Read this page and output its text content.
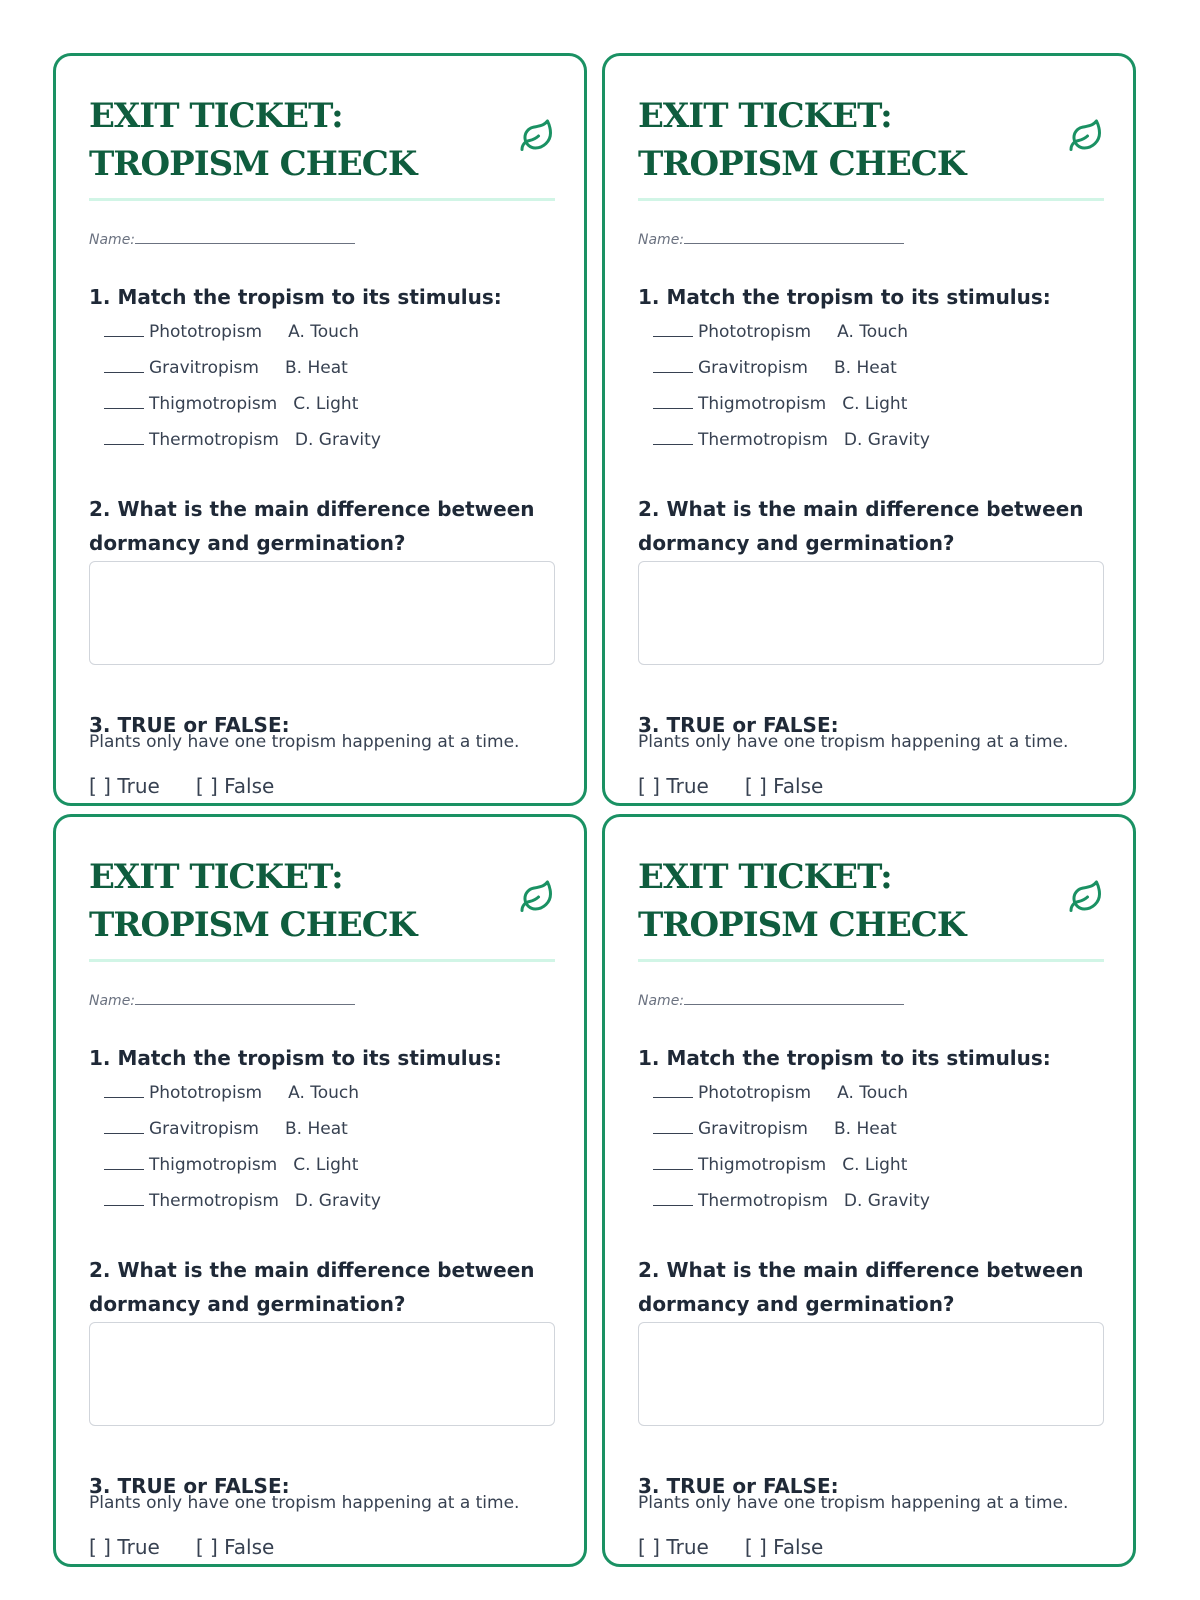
EXIT TICKET: TROPISM CHECK
Name:

1. Match the tropism to its stimulus:

Phototropism A. Touch
Gravitropism B. Heat
Thigmotropism C. Light
Thermotropism D. Gravity

2. What is the main difference between dormancy and germination?

3. TRUE or FALSE:

Plants only have one tropism happening at a time.
[ ] True [ ] False
EXIT TICKET: TROPISM CHECK
Name:

1. Match the tropism to its stimulus:

Phototropism A. Touch
Gravitropism B. Heat
Thigmotropism C. Light
Thermotropism D. Gravity

2. What is the main difference between dormancy and germination?

3. TRUE or FALSE:

Plants only have one tropism happening at a time.
[ ] True [ ] False
EXIT TICKET: TROPISM CHECK
Name:

1. Match the tropism to its stimulus:

Phototropism A. Touch
Gravitropism B. Heat
Thigmotropism C. Light
Thermotropism D. Gravity

2. What is the main difference between dormancy and germination?

3. TRUE or FALSE:

Plants only have one tropism happening at a time.
[ ] True [ ] False
EXIT TICKET: TROPISM CHECK
Name:

1. Match the tropism to its stimulus:

Phototropism A. Touch
Gravitropism B. Heat
Thigmotropism C. Light
Thermotropism D. Gravity

2. What is the main difference between dormancy and germination?

3. TRUE or FALSE:

Plants only have one tropism happening at a time.
[ ] True [ ] False
